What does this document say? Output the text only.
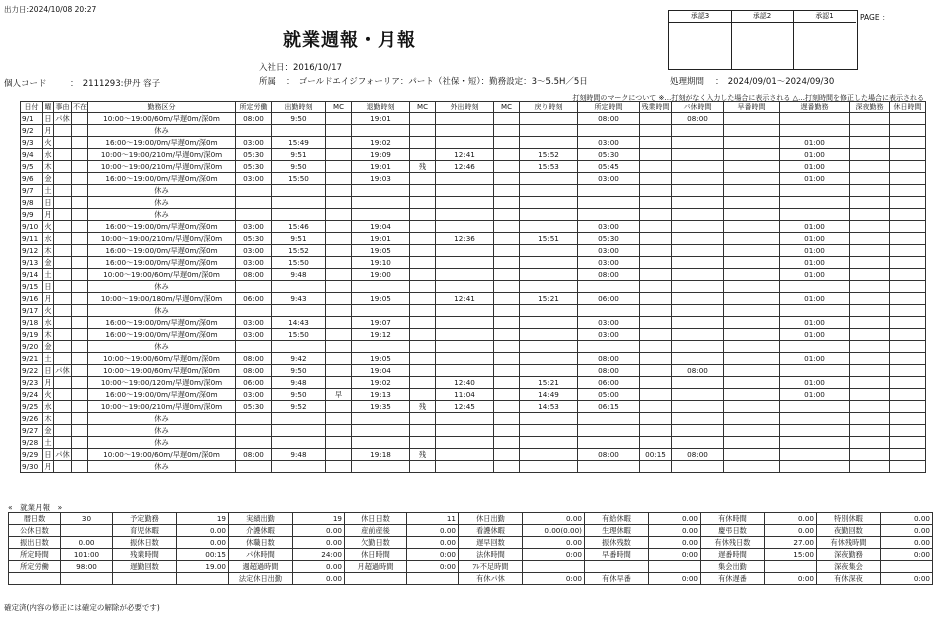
出力日:2024/10/08 20:27
就業週報・月報
承認3	承認2	承認1	PAGE ：
入社日：2016/10/17
個人コード	：　2111293:伊丹 容子	所属 ：　ゴールドエイジフォーリア：パート（社保・短）：勤務設定：3～5.5H／5日	処理期間 ：　2024/09/01～2024/09/30
打刻時間のマークについて ※…打刻がなく入力した場合に表示される △…打刻時間を修正した場合に表示される
日付	曜	事由	不在	勤務区分	所定労働	出勤時刻	MC	退勤時刻	MC	外出時刻	MC	戻り時刻	所定時間	残業時間	パ休時間	早番時間	遅番勤務	深夜勤務	休日時間
9/1	日	パ休		10:00～19:00/60m/早遅0m/深0m	08:00	9:50		19:01					08:00		08:00				
9/2	月			休み															
9/3	火			16:00～19:00/0m/早遅0m/深0m	03:00	15:49		19:02					03:00				01:00		
9/4	水			10:00～19:00/210m/早遅0m/深0m	05:30	9:51		19:09		12:41		15:52	05:30				01:00		
9/5	木			10:00～19:00/210m/早遅0m/深0m	05:30	9:50		19:01	残	12:46		15:53	05:45				01:00		
9/6	金			16:00～19:00/0m/早遅0m/深0m	03:00	15:50		19:03					03:00				01:00		
9/7	土			休み															
9/8	日			休み															
9/9	月			休み															
9/10	火			16:00～19:00/0m/早遅0m/深0m	03:00	15:46		19:04					03:00				01:00		
9/11	水			10:00～19:00/210m/早遅0m/深0m	05:30	9:51		19:01		12:36		15:51	05:30				01:00		
9/12	木			16:00～19:00/0m/早遅0m/深0m	03:00	15:52		19:05					03:00				01:00		
9/13	金			16:00～19:00/0m/早遅0m/深0m	03:00	15:50		19:10					03:00				01:00		
9/14	土			10:00～19:00/60m/早遅0m/深0m	08:00	9:48		19:00					08:00				01:00		
9/15	日			休み															
9/16	月			10:00～19:00/180m/早遅0m/深0m	06:00	9:43		19:05		12:41		15:21	06:00				01:00		
9/17	火			休み															
9/18	水			16:00～19:00/0m/早遅0m/深0m	03:00	14:43		19:07					03:00				01:00		
9/19	木			16:00～19:00/0m/早遅0m/深0m	03:00	15:50		19:12					03:00				01:00		
9/20	金			休み															
9/21	土			10:00～19:00/60m/早遅0m/深0m	08:00	9:42		19:05					08:00				01:00		
9/22	日	パ休		10:00～19:00/60m/早遅0m/深0m	08:00	9:50		19:04					08:00		08:00				
9/23	月			10:00～19:00/120m/早遅0m/深0m	06:00	9:48		19:02		12:40		15:21	06:00				01:00		
9/24	火			16:00～19:00/0m/早遅0m/深0m	03:00	9:50	早	19:13		11:04		14:49	05:00				01:00		
9/25	水			10:00～19:00/210m/早遅0m/深0m	05:30	9:52		19:35	残	12:45		14:53	06:15						
9/26	木			休み															
9/27	金			休み															
9/28	土			休み															
9/29	日	パ休		10:00～19:00/60m/早遅0m/深0m	08:00	9:48		19:18	残				08:00	00:15	08:00				
9/30	月			休み															
«　就業月報　»
暦日数	30	予定勤務	19	実績出勤	19	休日日数	11	休日出勤	0.00	有給休暇	0.00	有休時間	0.00	特別休暇	0.00
公休日数		育児休暇	0.00	介護休暇	0.00	産前産後	0.00	看護休暇	0.00(0.00)	生理休暇	0.00	慶弔日数	0.00	夜勤回数	0.00
振出日数	0.00	振休日数	0.00	休職日数	0.00	欠勤日数	0.00	遅早回数	0.00	振休残数	0.00	有休残日数	27.00	有休残時間	0.00
所定時間	101:00	残業時間	00:15	パ休時間	24:00	休日時間	0:00	法休時間	0:00	早番時間	0:00	遅番時間	15:00	深夜勤務	0:00
所定労働	98:00	遅勤回数	19.00	週超過時間	0.00	月超過時間	0:00	ﾌﾚ不足時間				集会出勤		深夜集会	
				法定休日出勤	0.00			有休パ休	0:00	有休早番	0:00	有休遅番	0:00	有休深夜	0:00
確定済(内容の修正には確定の解除が必要です)
